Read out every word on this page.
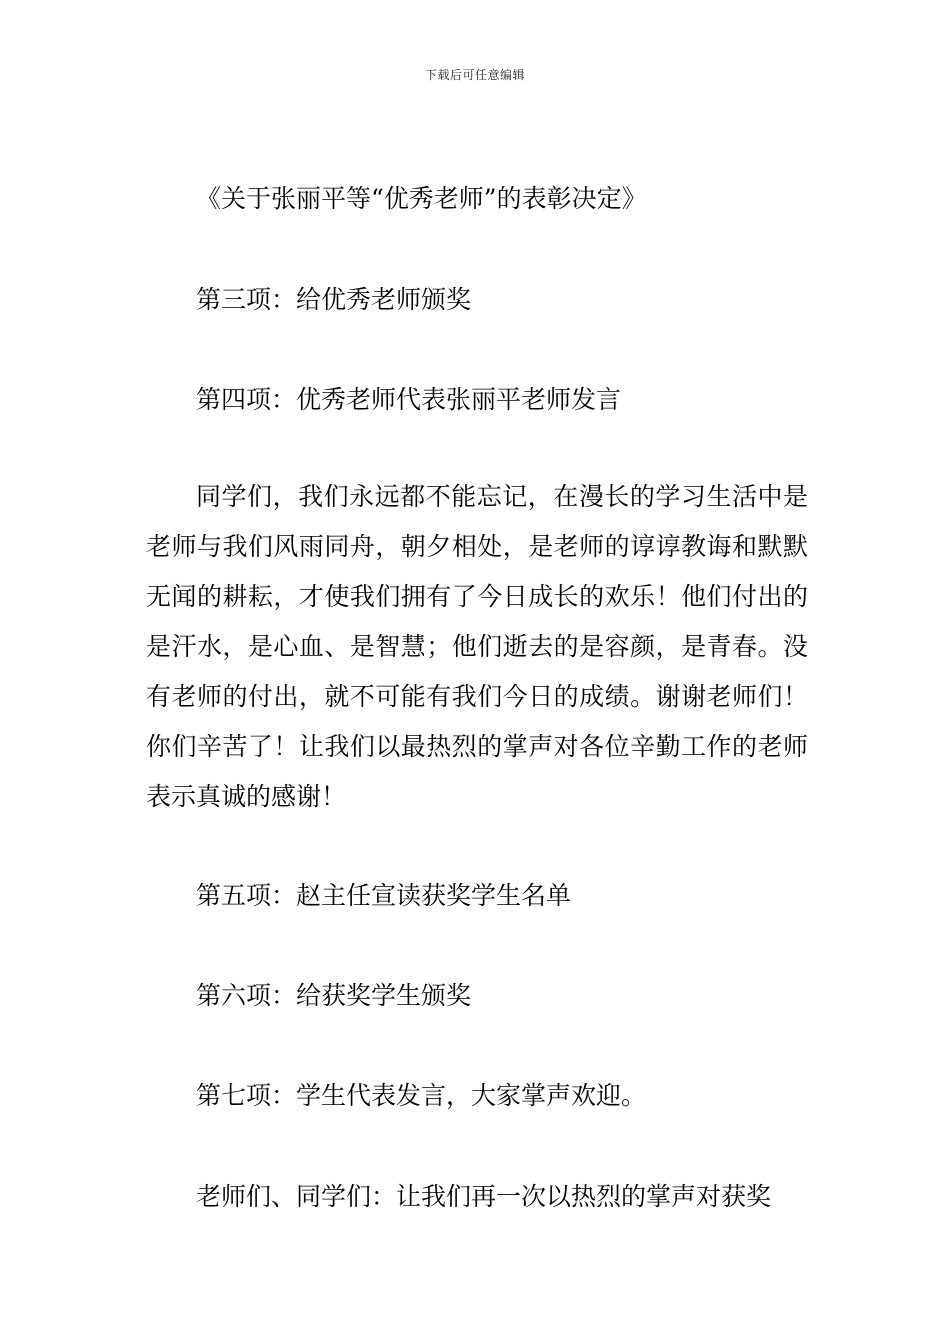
下载后可任意编辑
《关于张丽平等“优秀老师”的表彰决定》
第三项：给优秀老师颁奖
第四项：优秀老师代表张丽平老师发言
同学们，我们永远都不能忘记，在漫长的学习生活中是老师与我们风雨同舟，朝夕相处，是老师的谆谆教诲和默默无闻的耕耘，才使我们拥有了今日成长的欢乐！他们付出的是汗水，是心血、是智慧；他们逝去的是容颜，是青春。没有老师的付出，就不可能有我们今日的成绩。谢谢老师们！你们辛苦了！让我们以最热烈的掌声对各位辛勤工作的老师表示真诚的感谢！
第五项：赵主任宣读获奖学生名单
第六项：给获奖学生颁奖
第七项：学生代表发言，大家掌声欢迎。
老师们、同学们：让我们再一次以热烈的掌声对获奖
